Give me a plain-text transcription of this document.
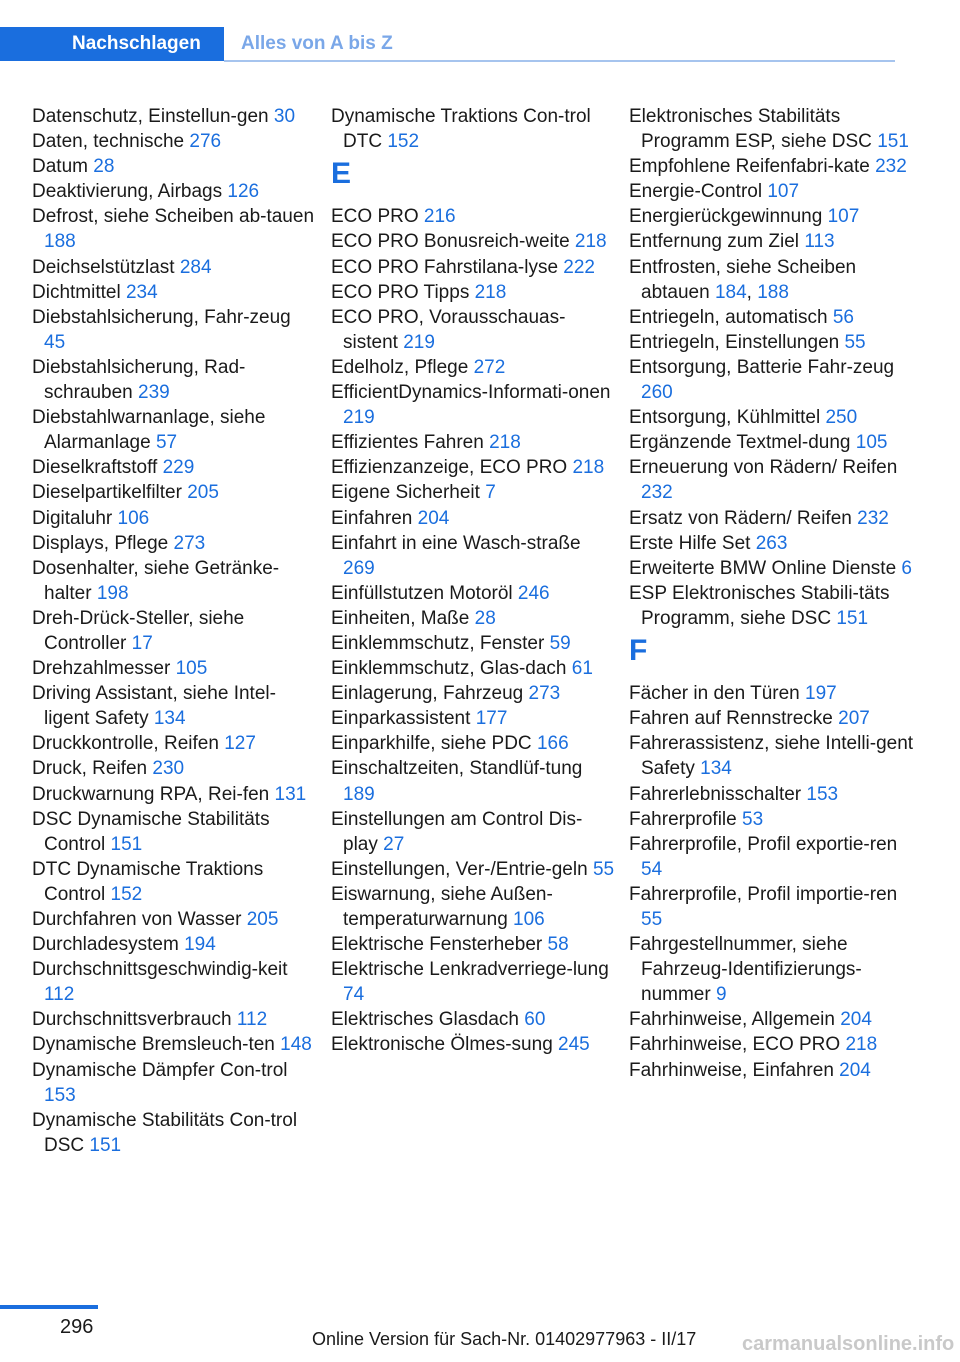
Nachschlagen	Alles von A bis Z
Datenschutz, Einstellun-gen 30
Daten, technische 276
Datum 28
Deaktivierung, Airbags 126
Defrost, siehe Scheiben ab-tauen 188
Deichselstützlast 284
Dichtmittel 234
Diebstahlsicherung, Fahr-zeug 45
Diebstahlsicherung, Rad-schrauben 239
Diebstahlwarnanlage, siehe Alarmanlage 57
Dieselkraftstoff 229
Dieselpartikelfilter 205
Digitaluhr 106
Displays, Pflege 273
Dosenhalter, siehe Getränke-halter 198
Dreh-Drück-Steller, siehe Controller 17
Drehzahlmesser 105
Driving Assistant, siehe Intel-ligent Safety 134
Druckkontrolle, Reifen 127
Druck, Reifen 230
Druckwarnung RPA, Rei-fen 131
DSC Dynamische Stabilitäts Control 151
DTC Dynamische Traktions Control 152
Durchfahren von Wasser 205
Durchladesystem 194
Durchschnittsgeschwindig-keit 112
Durchschnittsverbrauch 112
Dynamische Bremsleuch-ten 148
Dynamische Dämpfer Con-trol 153
Dynamische Stabilitäts Con-trol DSC 151
Dynamische Traktions Con-trol DTC 152
E
ECO PRO 216
ECO PRO Bonusreich-weite 218
ECO PRO Fahrstilana-lyse 222
ECO PRO Tipps 218
ECO PRO, Vorausschauas-sistent 219
Edelholz, Pflege 272
EfficientDynamics-Informati-onen 219
Effizientes Fahren 218
Effizienzanzeige, ECO PRO 218
Eigene Sicherheit 7
Einfahren 204
Einfahrt in eine Wasch-straße 269
Einfüllstutzen Motoröl 246
Einheiten, Maße 28
Einklemmschutz, Fenster 59
Einklemmschutz, Glas-dach 61
Einlagerung, Fahrzeug 273
Einparkassistent 177
Einparkhilfe, siehe PDC 166
Einschaltzeiten, Standlüf-tung 189
Einstellungen am Control Dis-play 27
Einstellungen, Ver-/Entrie-geln 55
Eiswarnung, siehe Außen-temperaturwarnung 106
Elektrische Fensterheber 58
Elektrische Lenkradverriege-lung 74
Elektrisches Glasdach 60
Elektronische Ölmes-sung 245
Elektronisches Stabilitäts Programm ESP, siehe DSC 151
Empfohlene Reifenfabri-kate 232
Energie-Control 107
Energierückgewinnung 107
Entfernung zum Ziel 113
Entfrosten, siehe Scheiben abtauen 184, 188
Entriegeln, automatisch 56
Entriegeln, Einstellungen 55
Entsorgung, Batterie Fahr-zeug 260
Entsorgung, Kühlmittel 250
Ergänzende Textmel-dung 105
Erneuerung von Rädern/ Reifen 232
Ersatz von Rädern/ Reifen 232
Erste Hilfe Set 263
Erweiterte BMW Online Dienste 6
ESP Elektronisches Stabili-täts Programm, siehe DSC 151
F
Fächer in den Türen 197
Fahren auf Rennstrecke 207
Fahrerassistenz, siehe Intelli-gent Safety 134
Fahrerlebnisschalter 153
Fahrerprofile 53
Fahrerprofile, Profil exportie-ren 54
Fahrerprofile, Profil importie-ren 55
Fahrgestellnummer, siehe Fahrzeug-Identifizierungs-nummer 9
Fahrhinweise, Allgemein 204
Fahrhinweise, ECO PRO 218
Fahrhinweise, Einfahren 204
296
Online Version für Sach-Nr. 01402977963 - II/17 carmanualsonline.info
